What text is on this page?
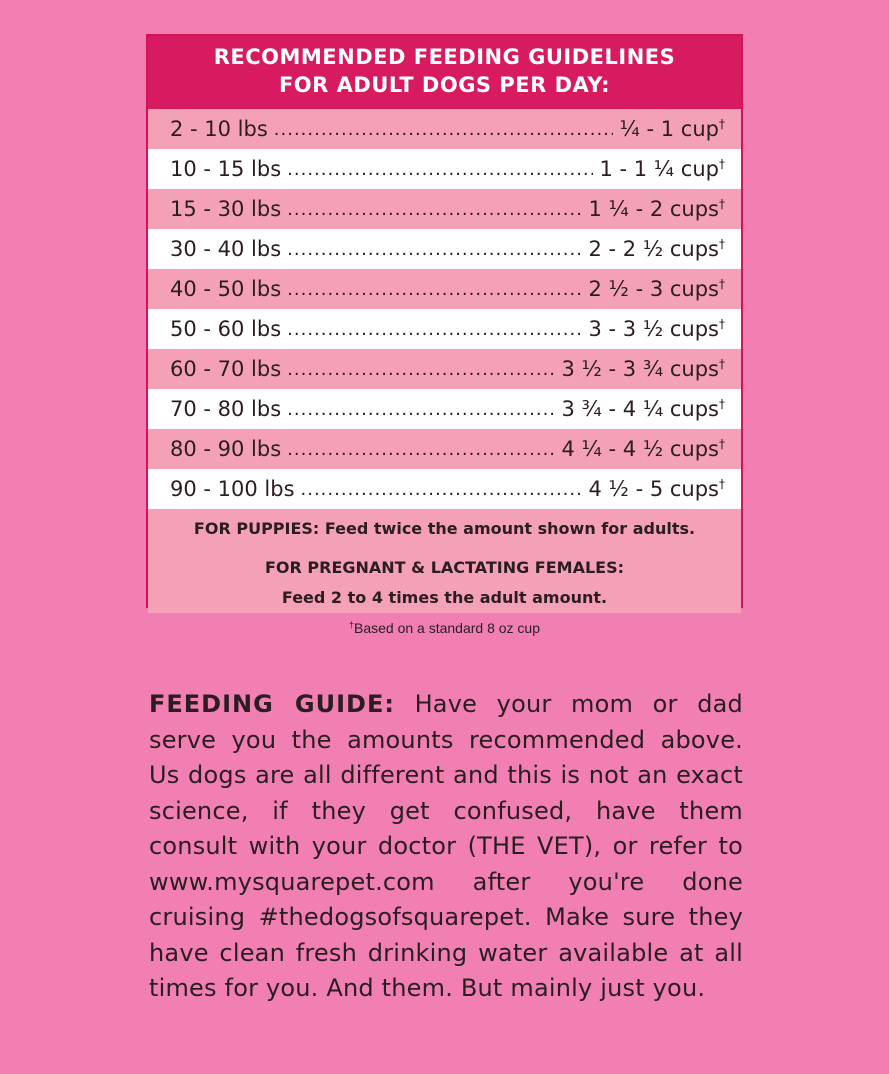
RECOMMENDED FEEDING GUIDELINES
FOR ADULT DOGS PER DAY:
2 - 10 lbs .....	¼ - 1 cup†
10 - 15 lbs .....	1 - 1 ¼ cup†
15 - 30 lbs .....	1 ¼ - 2 cups†
30 - 40 lbs .....	2 - 2 ½ cups†
40 - 50 lbs .....	2 ½ - 3 cups†
50 - 60 lbs .....	3 - 3 ½ cups†
60 - 70 lbs .....	3 ½ - 3 ¾ cups†
70 - 80 lbs .....	3 ¾ - 4 ¼ cups†
80 - 90 lbs .....	4 ¼ - 4 ½ cups†
90 - 100 lbs .....	4 ½ - 5 cups†
FOR PUPPIES: Feed twice the amount shown for adults.
FOR PREGNANT & LACTATING FEMALES:
Feed 2 to 4 times the adult amount.
†Based on a standard 8 oz cup
FEEDING GUIDE: Have your mom or dad serve you the amounts recommended above. Us dogs are all different and this is not an exact science, if they get confused, have them consult with your doctor (THE VET), or refer to www.mysquarepet.com after you're done cruising #thedogsofsquarepet. Make sure they have clean fresh drinking water available at all times for you. And them. But mainly just you.
